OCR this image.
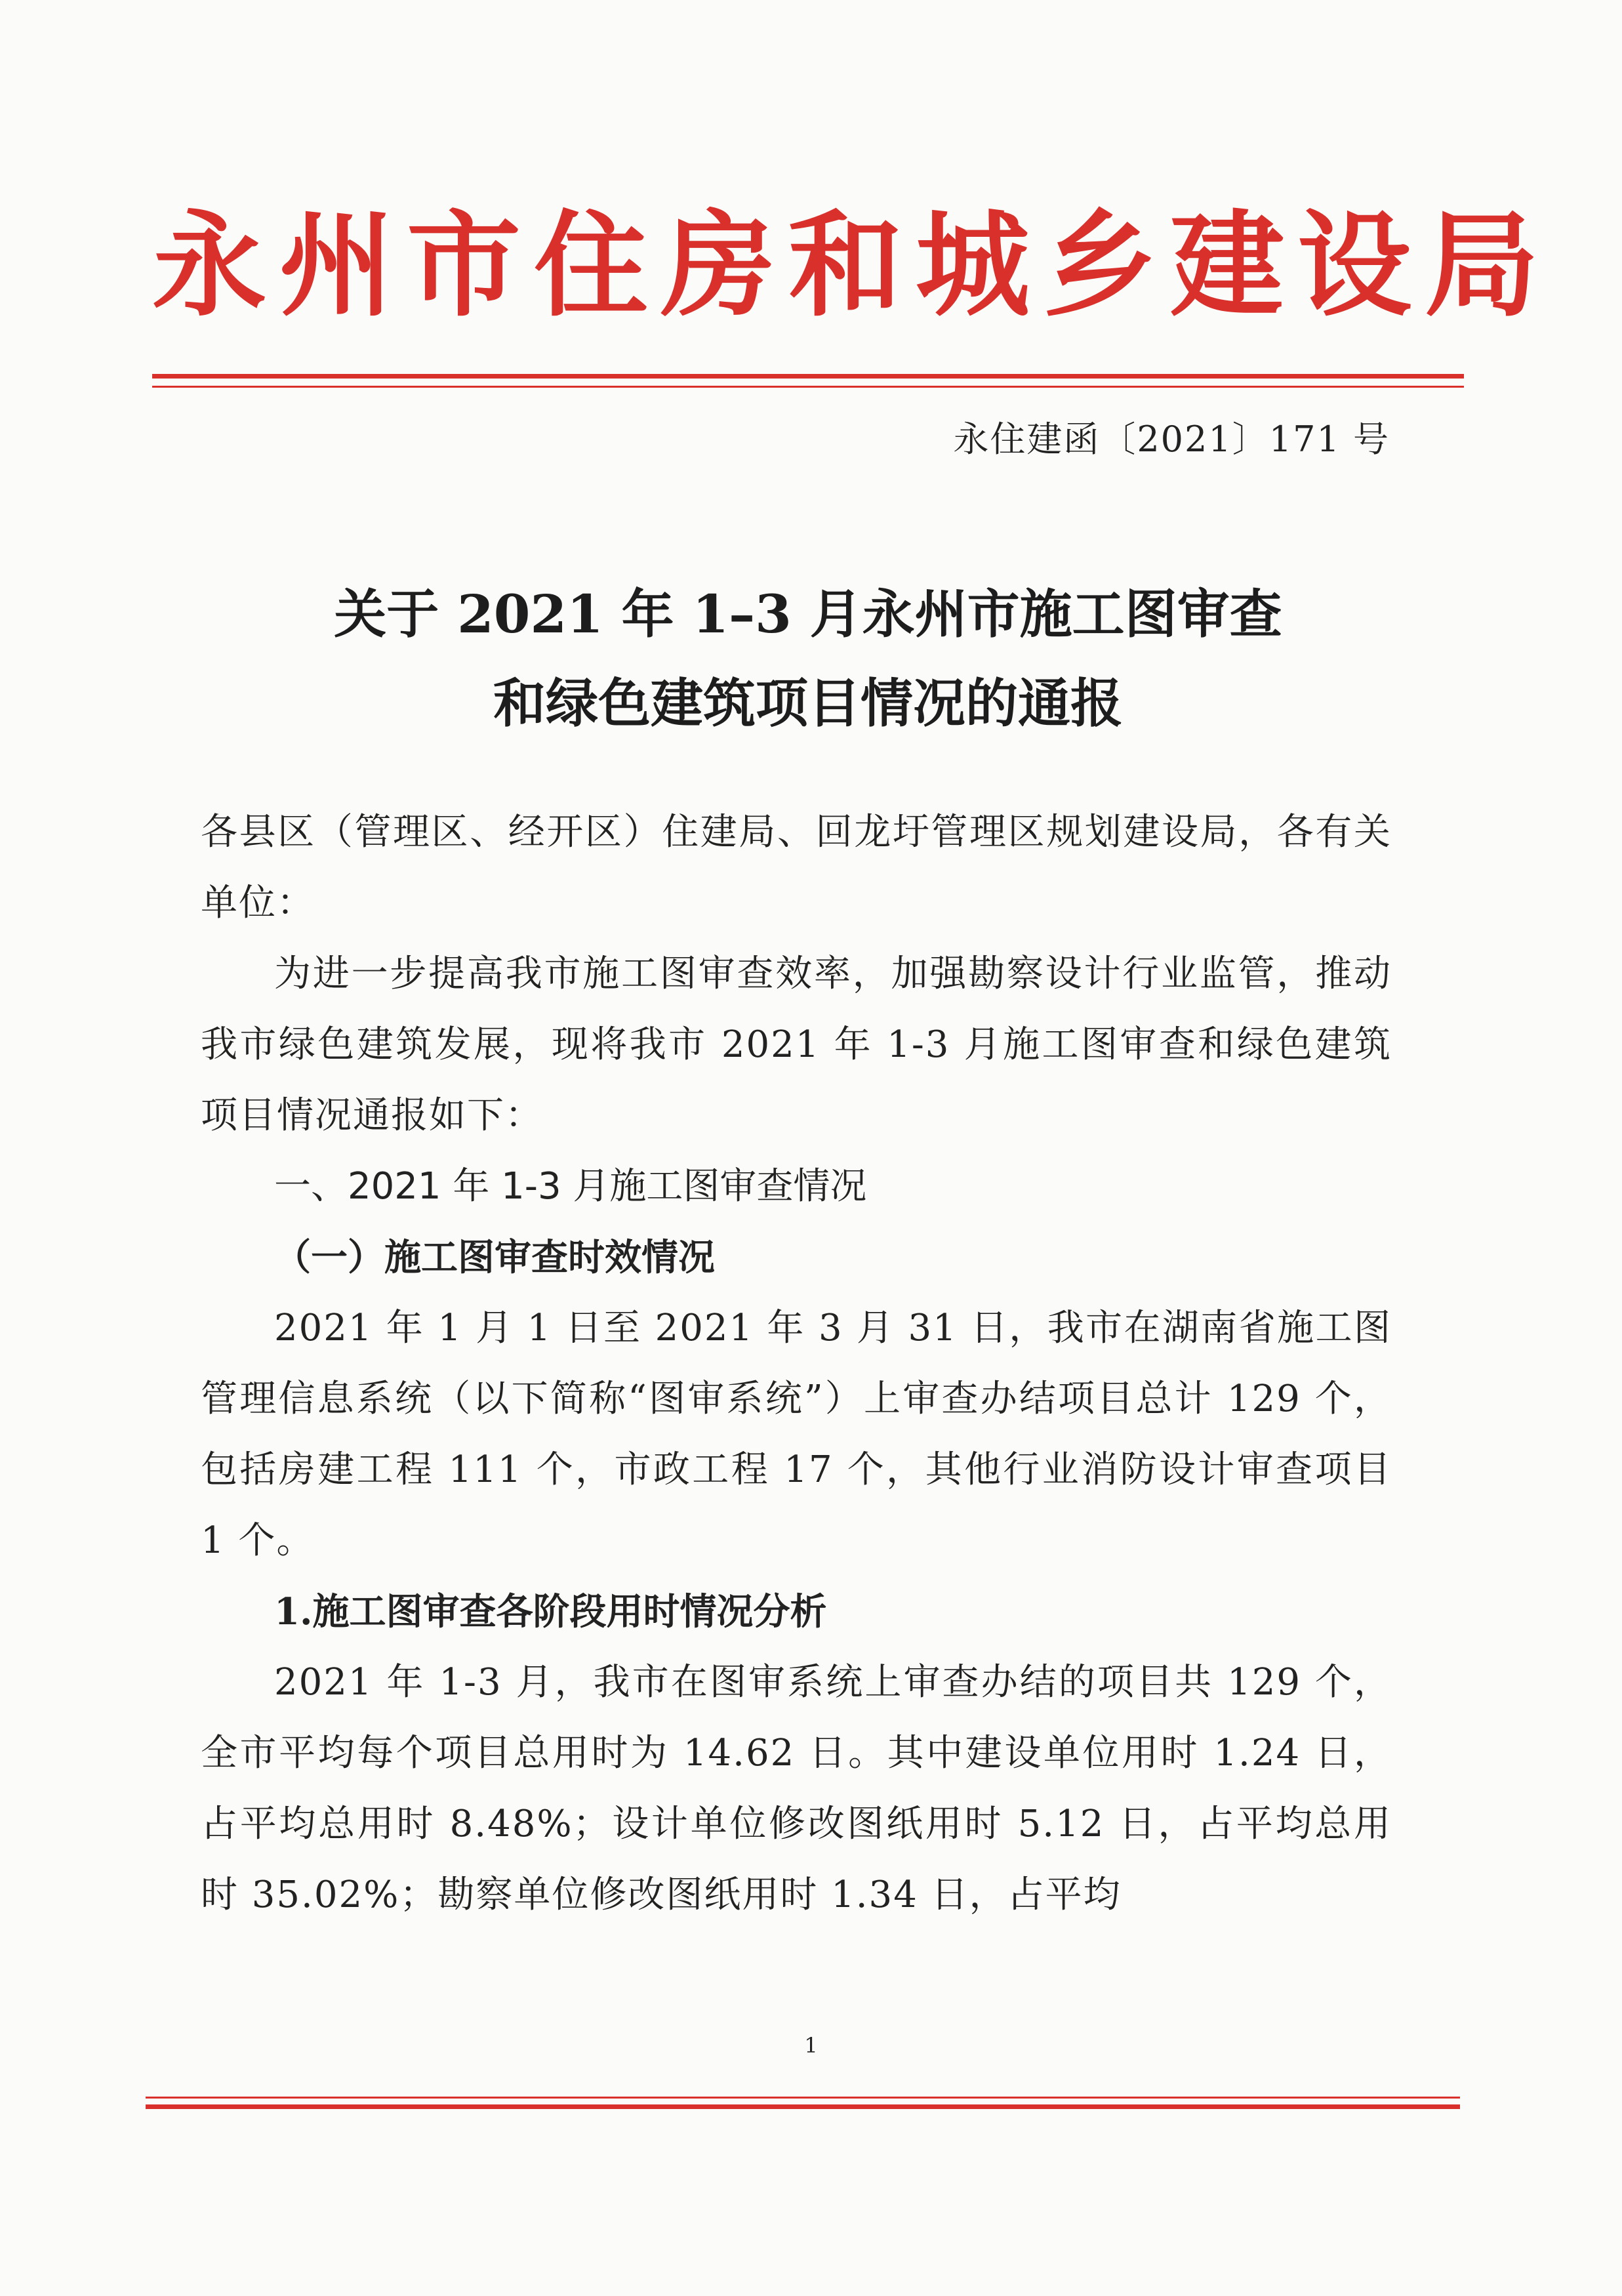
永州市住房和城乡建设局
永住建函〔2021〕171 号
关于 2021 年 1–3 月永州市施工图审查
和绿色建筑项目情况的通报
各县区（管理区、经开区）住建局、回龙圩管理区规划建设局，各有关单位：
为进一步提高我市施工图审查效率，加强勘察设计行业监管，推动我市绿色建筑发展，现将我市 2021 年 1-3 月施工图审查和绿色建筑项目情况通报如下：
一、2021 年 1-3 月施工图审查情况
（一）施工图审查时效情况
2021 年 1 月 1 日至 2021 年 3 月 31 日，我市在湖南省施工图管理信息系统（以下简称“图审系统”）上审查办结项目总计 129 个，包括房建工程 111 个，市政工程 17 个，其他行业消防设计审查项目 1 个。
1.施工图审查各阶段用时情况分析
2021 年 1-3 月，我市在图审系统上审查办结的项目共 129 个，全市平均每个项目总用时为 14.62 日。其中建设单位用时 1.24 日，占平均总用时 8.48%；设计单位修改图纸用时 5.12 日，占平均总用时 35.02%；勘察单位修改图纸用时 1.34 日，占平均
1
